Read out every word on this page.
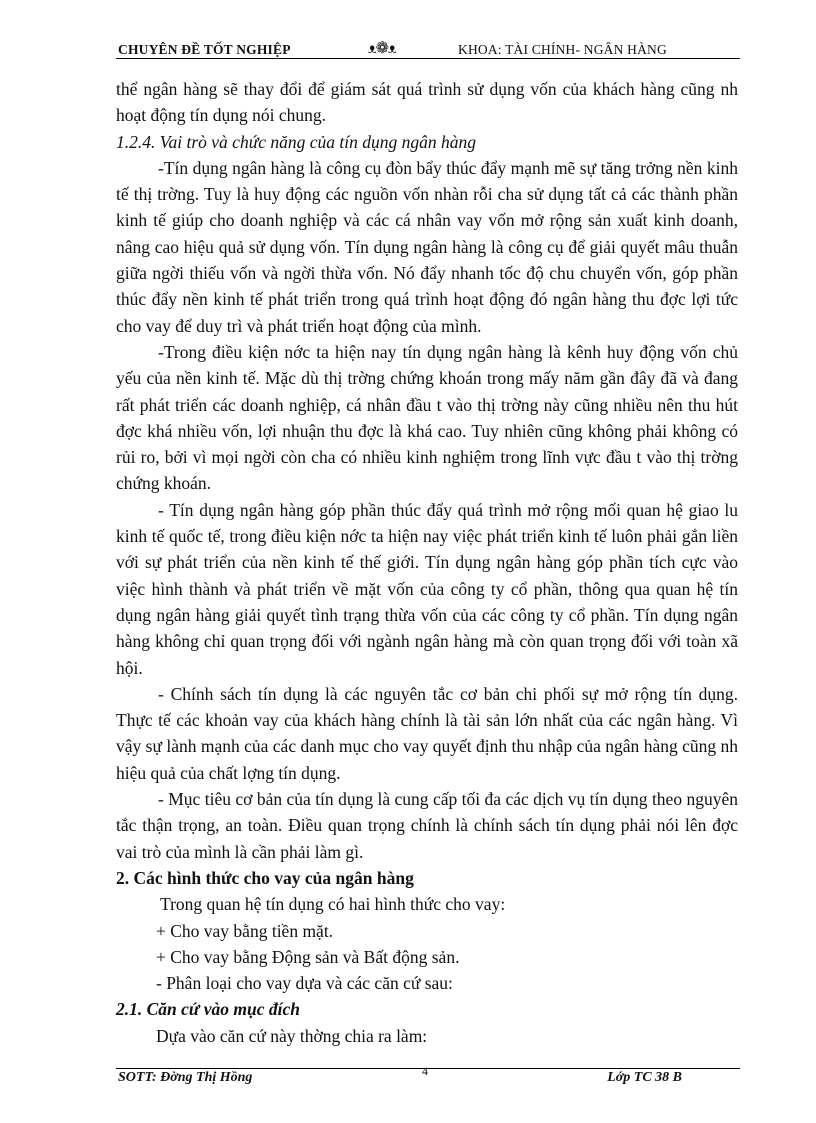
CHUYÊN ĐỀ TỐT NGHIỆP	ᴥ❁ᴥ	KHOA: TÀI CHÍNH- NGÂN HÀNG

thể ngân hàng sẽ thay đổi để giám sát quá trình sử dụng vốn của khách hàng cũng nh hoạt động tín dụng nói chung.

1.2.4. Vai trò và chức năng của tín dụng ngân hàng

-Tín dụng ngân hàng là công cụ đòn bẩy thúc đẩy mạnh mẽ sự tăng trởng nền kinh tế thị trờng. Tuy là huy động các nguồn vốn nhàn rỗi cha sử dụng tất cả các thành phần kinh tế giúp cho doanh nghiệp và các cá nhân vay vốn mở rộng sản xuất kinh doanh, nâng cao hiệu quả sử dụng vốn. Tín dụng ngân hàng là công cụ để giải quyết mâu thuẫn giữa ngời thiếu vốn và ngời thừa vốn. Nó đẩy nhanh tốc độ chu chuyển vốn, góp phần thúc đẩy nền kinh tế phát triển trong quá trình hoạt động đó ngân hàng thu đợc lợi tức cho vay để duy trì và phát triển hoạt động của mình.

-Trong điều kiện nớc ta hiện nay tín dụng ngân hàng là kênh huy động vốn chủ yếu của nền kinh tế. Mặc dù thị trờng chứng khoán trong mấy năm gần đây đã và đang rất phát triển các doanh nghiệp, cá nhân đầu t vào thị trờng này cũng nhiều nên thu hút đợc khá nhiều vốn, lợi nhuận thu đợc là khá cao. Tuy nhiên cũng không phải không có rủi ro, bởi vì mọi ngời còn cha có nhiều kinh nghiệm trong lĩnh vực đầu t vào thị trờng chứng khoán.

- Tín dụng ngân hàng góp phần thúc đẩy quá trình mở rộng mối quan hệ giao lu kinh tế quốc tế, trong điều kiện nớc ta hiện nay việc phát triển kinh tế luôn phải gắn liền với sự phát triển của nền kinh tế thế giới. Tín dụng ngân hàng góp phần tích cực vào việc hình thành và phát triển về mặt vốn của công ty cổ phần, thông qua quan hệ tín dụng ngân hàng giải quyết tình trạng thừa vốn của các công ty cổ phần. Tín dụng ngân hàng không chỉ quan trọng đối với ngành ngân hàng mà còn quan trọng đối với toàn xã hội.

- Chính sách tín dụng là các nguyên tắc cơ bản chi phối sự mở rộng tín dụng. Thực tế các khoản vay của khách hàng chính là tài sản lớn nhất của các ngân hàng. Vì vậy sự lành mạnh của các danh mục cho vay quyết định thu nhập của ngân hàng cũng nh hiệu quả của chất lợng tín dụng.

- Mục tiêu cơ bản của tín dụng là cung cấp tối đa các dịch vụ tín dụng theo nguyên tắc thận trọng, an toàn. Điều quan trọng chính là chính sách tín dụng phải nói lên đợc vai trò của mình là cần phải làm gì.

2. Các hình thức cho vay của ngân hàng

Trong quan hệ tín dụng có hai hình thức cho vay:

+ Cho vay bằng tiền mặt.

+ Cho vay bằng Động sản và Bất động sản.

- Phân loại cho vay dựa và các căn cứ sau:

2.1. Căn cứ vào mục đích

Dựa vào căn cứ này thờng chia ra làm:

SOTT: Đờng Thị Hồng	4	Lớp TC 38 B
